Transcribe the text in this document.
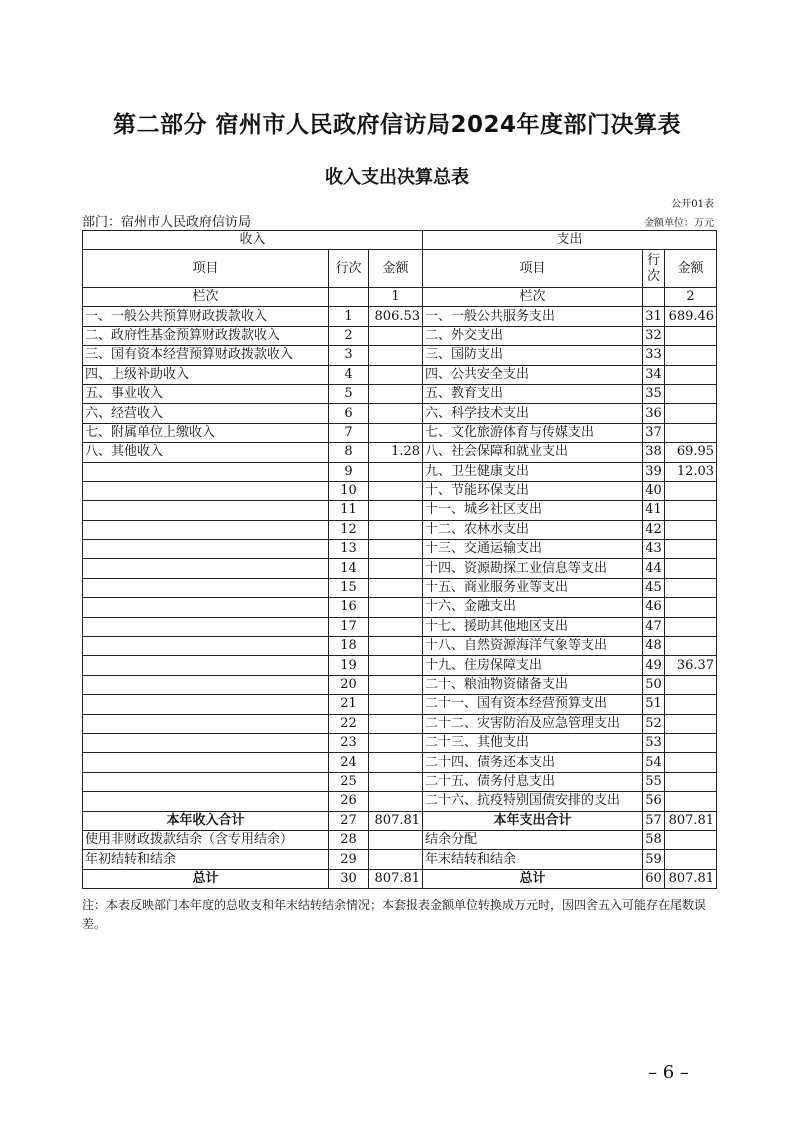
第二部分 宿州市人民政府信访局2024年度部门决算表
收入支出决算总表
公开01表
部门：宿州市人民政府信访局	金额单位：万元
收入			支出		
项目	行次	金额	项目	行次	金额
栏次		1	栏次		2
一、一般公共预算财政拨款收入	1	806.53	一、一般公共服务支出	31	689.46
二、政府性基金预算财政拨款收入	2		二、外交支出	32	
三、国有资本经营预算财政拨款收入	3		三、国防支出	33	
四、上级补助收入	4		四、公共安全支出	34	
五、事业收入	5		五、教育支出	35	
六、经营收入	6		六、科学技术支出	36	
七、附属单位上缴收入	7		七、文化旅游体育与传媒支出	37	
八、其他收入	8	1.28	八、社会保障和就业支出	38	69.95
	9		九、卫生健康支出	39	12.03
	10		十、节能环保支出	40	
	11		十一、城乡社区支出	41	
	12		十二、农林水支出	42	
	13		十三、交通运输支出	43	
	14		十四、资源勘探工业信息等支出	44	
	15		十五、商业服务业等支出	45	
	16		十六、金融支出	46	
	17		十七、援助其他地区支出	47	
	18		十八、自然资源海洋气象等支出	48	
	19		十九、住房保障支出	49	36.37
	20		二十、粮油物资储备支出	50	
	21		二十一、国有资本经营预算支出	51	
	22		二十二、灾害防治及应急管理支出	52	
	23		二十三、其他支出	53	
	24		二十四、债务还本支出	54	
	25		二十五、债务付息支出	55	
	26		二十六、抗疫特别国债安排的支出	56	
本年收入合计	27	807.81	本年支出合计	57	807.81
使用非财政拨款结余（含专用结余）	28		结余分配	58	
年初结转和结余	29		年末结转和结余	59	
总计	30	807.81	总计	60	807.81
注：本表反映部门本年度的总收支和年末结转结余情况；本套报表金额单位转换成万元时，因四舍五入可能存在尾数误差。
– 6 –
